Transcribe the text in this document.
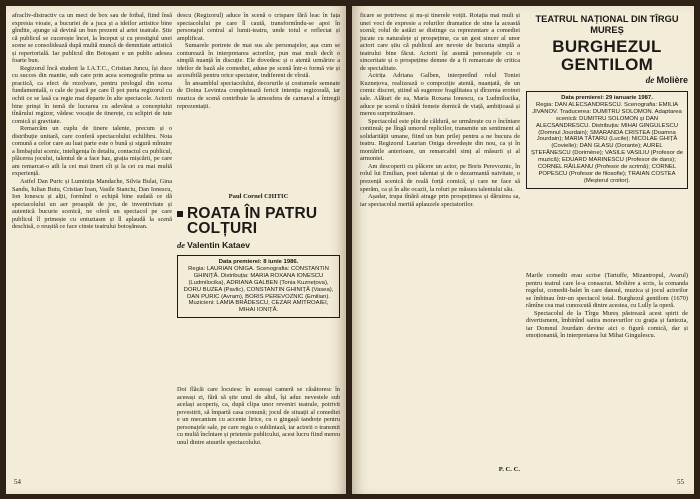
afracliv-distractiv ca un meci de box sau de fotbal, fiind însă expresia vioaie, a bucuriei de a juca și a ideilor artistice bine gîndite, ajunge să devină un bun prezent al artei teatrale. Știe că publicul se cucerește încet, la început și cu prestigiul unei scene se consolidează după multă muncă de demnitate artistică și repertorială. Iar publicul din Botoșani e un public adesea foarte bun.

Regizorul încă student la I.A.T.C., Cristian Juncu, își duce cu succes din mantie, sub care prin acea scenografie prima sa practică, ca efect de rezolvare, pentru prologul din scena fundamentală, o cale de joacă pe care îl pot purta regizorul cu ochii ce se lasă ca regie mai departe în alte spectacole. Actorii bine prinși în temă de lucrarea cu adevărat a conceptului tînărului regizor, vădesc vocație de tinerețe, cu sclipiri de iute comică și gravitate.

Remarcăm un cuplu de tinere talente, precum și o distribuție unitară, care conferă spectacolului echilibru. Nota comună a celor care au luat parte este o bună și sigură mînuire a limbajului scenic, inteligența în detaliu, contactul cu publicul, plăcerea jocului, talentul de a face haz, grația mișcării, pe care am remarcat-o atît la cei mai tineri cît și la cei cu mai multă experiență.

Astfel Dan Puric și Luminița Mandache, Silvia Bulat, Gina Sandu, Iulian Butu, Cristian Ioan, Vasile Stanciu, Dan Ionescu, Ion Ionescu și alții, formînd o echipă bine sudată ce dă spectacolului un aer proaspăt de joc, de inventivitate și autentică bucurie scenică, ne oferă un spectacol pe care publicul îl primește cu entuziasm și îl aplaudă la scenă deschisă, o reușită ce face cinste teatrului botoșănean.

descu (Regizorul) aduce în scenă o crispare fără leac în fața spectacolului pe care îl caută, transformîndu-se apoi în personajul central al lumii-teatru, unde totul e reflectat și amplificat.

Sumarele portrete de mai sus ale personajelor, așa cum se conturează în interpretarea actorilor, pun mai mult decît o simplă nuanță în discuție. Ele dovedesc și o atentă urmărire a ideilor de bază ale comediei, aduse pe scenă într-o formă vie și accesibilă pentru orice spectator, indiferent de vîrstă.

În ansamblul spectacolului, decorurile și costumele semnate de Doina Levintza completează fericit intenția regizorală, iar muzica de scenă contribuie la atmosfera de carnaval a întregii reprezentații.

Paul Cornel CHITIC
ROATA ÎN PATRU COLȚURI
de Valentin Kataev
Data premierei: 8 iunie 1986.
Regia: LAURIAN ONIGA. Scenografia: CONSTANTIN GHINIȚĂ. Distribuția: MARIA ROXANA IONESCU (Ludmilocika), ADRIANA GALBEN (Tonia Kuznețova), DORU BUZEA (Pavlic), CONSTANTIN GHINIȚĂ (Vasea), DAN PURIC (Avram), BORIS PEREVOZNIC (Emilian). Muzicieni: LAMIA BRĂDESCU, CEZAR AMITROAIEI, MIHAI IONIȚĂ.

Doi flăcăi care locuiesc în aceeași cameră se căsătoresc în aceeași zi, fără să știe unul de altul, își aduc nevestele sub același acoperiș, ca, după clipa unor reveniri teatrale, potrivit povestirii, să împartă casa comună; jocul de situații al comediei e un mecanism cu accente lirice, cu o gingașă tandrețe pentru personajele sale, pe care regia o subliniază, iar actorii o transmit cu multă încîntare și prietenie publicului, acest lucru fiind mereu unul dintre atuurile spectacolului.

54

ficare se potrivesc și nu-și tinerele voiții. Rotația mai mult și unei voci de expresie a rolurilor dramatice de sine la această scenă; rolul de astăzi se distinge ca reprezentare a comediei jucate cu naturalețe și prospețime, ca un gest sincer al unor actori care știu că publicul are nevoie de bucuria simplă a teatrului bine făcut. Actorii își asumă personajele cu o sinceritate și o prospețime demne de a fi remarcate de critica de specialitate.

Actrița Adriana Galben, interpretînd rolul Toniei Kuznețova, realizează o compoziție atentă, nuanțată, de un comic discret, știind să sugereze fragilitatea și dîrzenia eroinei sale. Alături de ea, Maria Roxana Ionescu, ca Ludmilocika, aduce pe scenă o tînără femeie dornică de viață, ambițioasă și mereu surprinzătoare.

Spectacolul este plin de căldură, se urmărește cu o încîntare continuă; pe lîngă umorul replicilor, transmite un sentiment al solidarității umane, fiind un bun prilej pentru a ne bucura de teatru. Regizorul Laurian Oniga dovedește din nou, ca și în montările anterioare, un remarcabil simț al măsurii și al armoniei.

Am descoperit cu plăcere un actor, pe Boris Perevoznic, în rolul lui Emilian, poet talentat și de o dezarmantă naivitate, o prezență scenică de reală forță comică, și care ne face să sperăm, ca și în alte ocazii, la roluri pe măsura talentului său.

Așadar, trupa tînără atrage prin prospețimea și dăruirea sa, iar spectacolul merită aplauzele spectatorilor.

P. C. C.
TEATRUL NAȚIONAL DIN TÎRGU MUREȘ
BURGHEZUL GENTILOM
de Molière
Data premierei: 29 ianuarie 1987.
Regia: DAN ALECSANDRESCU. Scenografia: EMILIA JIVANOV. Traducerea: DUMITRU SOLOMON. Adaptarea scenică: DUMITRU SOLOMON și DAN ALECSANDRESCU. Distribuția: MIHAI GINGULESCU (Domnul Jourdain); SMARANDA CRISTEA (Doamna Jourdain); MARIA TĂTARU (Lucile); NICOLAE GHIȚĂ (Covielle); DAN GLASU (Dorante); AUREL ȘTEFĂNESCU (Dorimène); VASILE VASILIU (Profesor de muzică); EDUARD MARINESCU (Profesor de dans); CORNEL RĂILEANU (Profesor de scrimă); CORNEL POPESCU (Profesor de filosofie); TRAIAN COSTEA (Meșterul croitor).

Marile comedii erau scrise (Tartuffe, Mizantropul, Avarul) pentru teatrul care le-a consacrat. Molière a scris, la comanda regelui, comedii-balet în care dansul, muzica și jocul actorilor se îmbinau într-un spectacol total. Burghezul gentilom (1670) rămîne cea mai cunoscută dintre acestea, cu Lully la operă.

Spectacolul de la Tîrgu Mureș păstrează acest spirit de divertisment, îmbinînd satira moravurilor cu grația și fantezia, iar Domnul Jourdain devine aici o figură comică, dar și emoționantă, în interpretarea lui Mihai Gingulescu.

55
